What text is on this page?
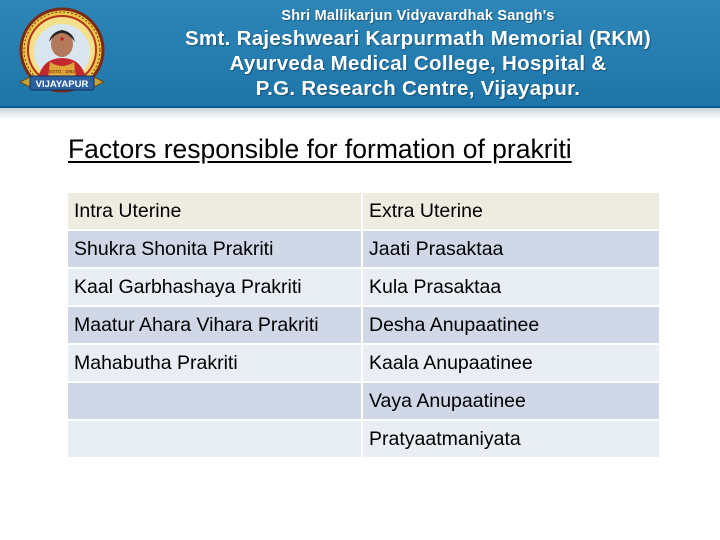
VIJAYAPUR
ESTD : 1992
Shri Mallikarjun Vidyavardhak Sangh's
Smt. Rajeshweari Karpurmath Memorial (RKM)
Ayurveda Medical College, Hospital &
P.G. Research Centre, Vijayapur.
Factors responsible for formation of prakriti
Intra Uterine	Extra Uterine
Shukra Shonita Prakriti	Jaati Prasaktaa
Kaal Garbhashaya Prakriti	Kula Prasaktaa
Maatur Ahara Vihara Prakriti	Desha Anupaatinee
Mahabutha Prakriti	Kaala Anupaatinee
	Vaya Anupaatinee
	Pratyaatmaniyata
